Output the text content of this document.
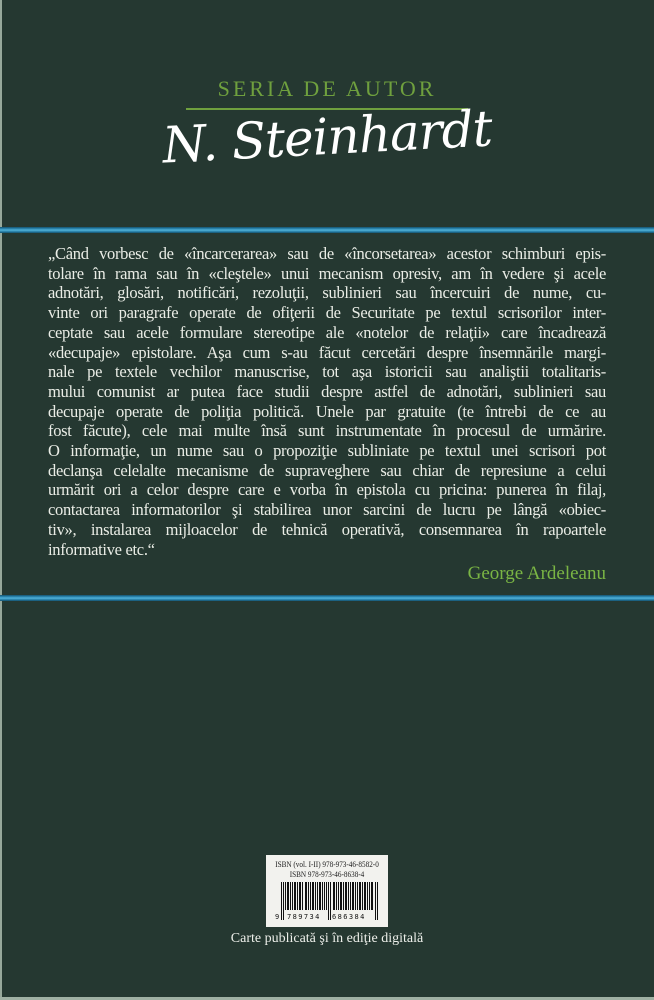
SERIA DE AUTOR
N. Steinhardt
„Când vorbesc de «încarcerarea» sau de «încorsetarea» acestor schimburi epis-
tolare în rama sau în «cleştele» unui mecanism opresiv, am în vedere şi acele
adnotări, glosări, notificări, rezoluţii, sublinieri sau încercuiri de nume, cu-
vinte ori paragrafe operate de ofiţerii de Securitate pe textul scrisorilor inter-
ceptate sau acele formulare stereotipe ale «notelor de relaţii» care încadrează
«decupaje» epistolare. Aşa cum s-au făcut cercetări despre însemnările margi-
nale pe textele vechilor manuscrise, tot aşa istoricii sau analiştii totalitaris-
mului comunist ar putea face studii despre astfel de adnotări, sublinieri sau
decupaje operate de poliţia politică. Unele par gratuite (te întrebi de ce au
fost făcute), cele mai multe însă sunt instrumentate în procesul de urmărire.
O informaţie, un nume sau o propoziţie subliniate pe textul unei scrisori pot
declanşa celelalte mecanisme de supraveghere sau chiar de represiune a celui
urmărit ori a celor despre care e vorba în epistola cu pricina: punerea în filaj,
contactarea informatorilor şi stabilirea unor sarcini de lucru pe lângă «obiec-
tiv», instalarea mijloacelor de tehnică operativă, consemnarea în rapoartele
informative etc.“
George Ardeleanu
ISBN (vol. I-II) 978-973-46-8582-0
ISBN 978-973-46-8638-4
9 789734 686384
Carte publicată şi în ediţie digitală
